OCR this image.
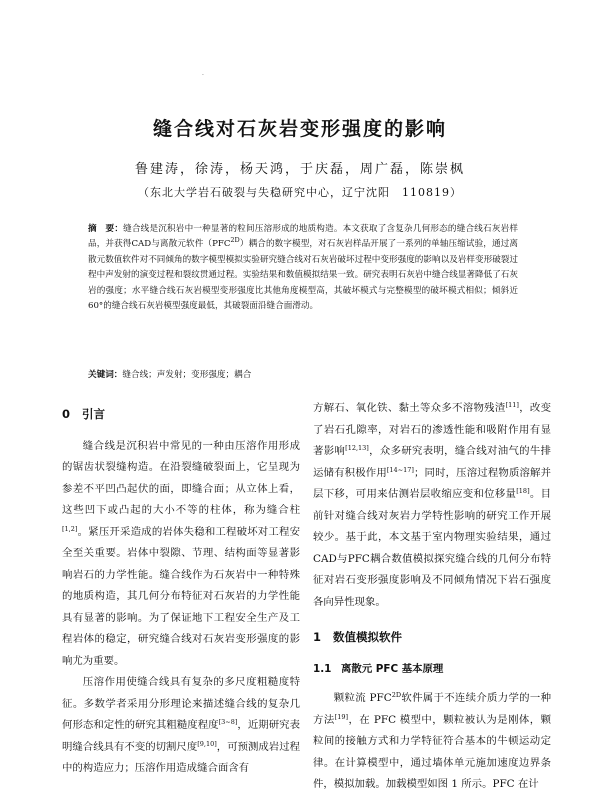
·
缝合线对石灰岩变形强度的影响
鲁建涛，徐涛，杨天鸿，于庆磊，周广磊，陈崇枫
（东北大学岩石破裂与失稳研究中心，辽宁沈阳　110819）
摘　要：缝合线是沉积岩中一种显著的粒间压溶形成的地质构造。本文获取了含复杂几何形态的缝合线石灰岩样品，并获得CAD与离散元软件$(PFC^{2D})$耦合的数字模型，对石灰岩样品开展了一系列的单轴压缩试验，通过离散元数值软件对不同倾角的数字模型模拟实验研究缝合线对石灰岩破坏过程中变形强度的影响以及岩样变形破裂过程中声发射的演变过程和裂纹贯通过程。实验结果和数值模拟结果一致。研究表明石灰岩中缝合线显著降低了石灰岩的强度；水平缝合线石灰岩模型变形强度比其他角度模型高，其破坏模式与完整模型的破坏模式相似；倾斜近60°的缝合线石灰岩模型强度最低，其破裂面沿缝合面滑动。
关键词：缝合线；声发射；变形强度；耦合
0 引言

缝合线是沉积岩中常见的一种由压溶作用形成的锯齿状裂缝构造。在沿裂缝破裂面上，它呈现为参差不平凹凸起伏的面，即缝合面；从立体上看，这些凹下或凸起的大小不等的柱体，称为缝合柱[1,2]。紧压开采造成的岩体失稳和工程破坏对工程安全至关重要。岩体中裂隙、节理、结构面等显著影响岩石的力学性能。缝合线作为石灰岩中一种特殊的地质构造，其几何分布特征对石灰岩的力学性能具有显著的影响。为了保证地下工程安全生产及工程岩体的稳定，研究缝合线对石灰岩变形强度的影响尤为重要。

压溶作用使缝合线具有复杂的多尺度粗糙度特征。多数学者采用分形理论来描述缝合线的复杂几何形态和定性的研究其粗糙度程度[3~8]，近期研究表明缝合线具有不变的切割尺度[9,10]，可预测成岩过程中的构造应力；压溶作用造成缝合面含有

方解石、氧化铁、黏土等众多不溶物残渣[11]，改变了岩石孔隙率，对岩石的渗透性能和吸附作用有显著影响[12,13]，众多研究表明，缝合线对油气的牛排运储有积极作用[14~17]；同时，压溶过程物质溶解并层下移，可用来估测岩层收缩应变和位移量[18]。目前针对缝合线对灰岩力学特性影响的研究工作开展较少。基于此，本文基于室内物理实验结果，通过CAD与PFC耦合数值模拟探究缝合线的几何分布特征对岩石变形强度影响及不同倾角情况下岩石强度各向异性现象。

1 数值模拟软件
1.1 离散元 PFC 基本原理

颗粒流 $PFC^{2D}$软件属于不连续介质力学的一种方法[19]，在 PFC 模型中，颗粒被认为是刚体，颗粒间的接触方式和力学特征符合基本的牛顿运动定律。在计算模型中，通过墙体单元施加速度边界条件，模拟加载。加载模型如图 1 所示。PFC 在计
